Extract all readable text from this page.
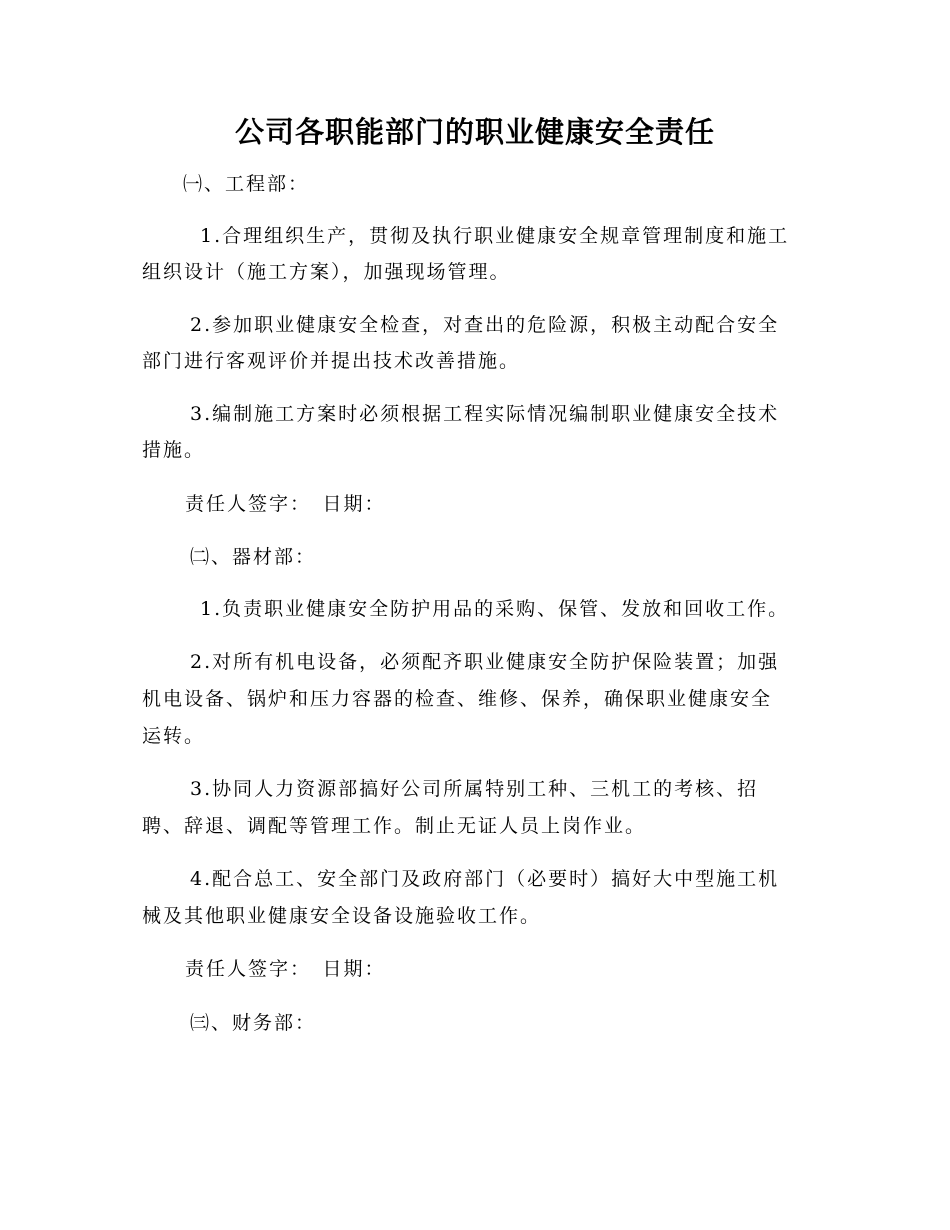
公司各职能部门的职业健康安全责任
㈠、工程部：
1.合理组织生产，贯彻及执行职业健康安全规章管理制度和施工
组织设计（施工方案），加强现场管理。
2.参加职业健康安全检查，对查出的危险源，积极主动配合安全
部门进行客观评价并提出技术改善措施。
3.编制施工方案时必须根据工程实际情况编制职业健康安全技术
措施。
责任人签字：　日期：
㈡、器材部：
1.负责职业健康安全防护用品的采购、保管、发放和回收工作。
2.对所有机电设备，必须配齐职业健康安全防护保险装置；加强
机电设备、锅炉和压力容器的检查、维修、保养，确保职业健康安全
运转。
3.协同人力资源部搞好公司所属特别工种、三机工的考核、招
聘、辞退、调配等管理工作。制止无证人员上岗作业。
4.配合总工、安全部门及政府部门（必要时）搞好大中型施工机
械及其他职业健康安全设备设施验收工作。
责任人签字：　日期：
㈢、财务部：
